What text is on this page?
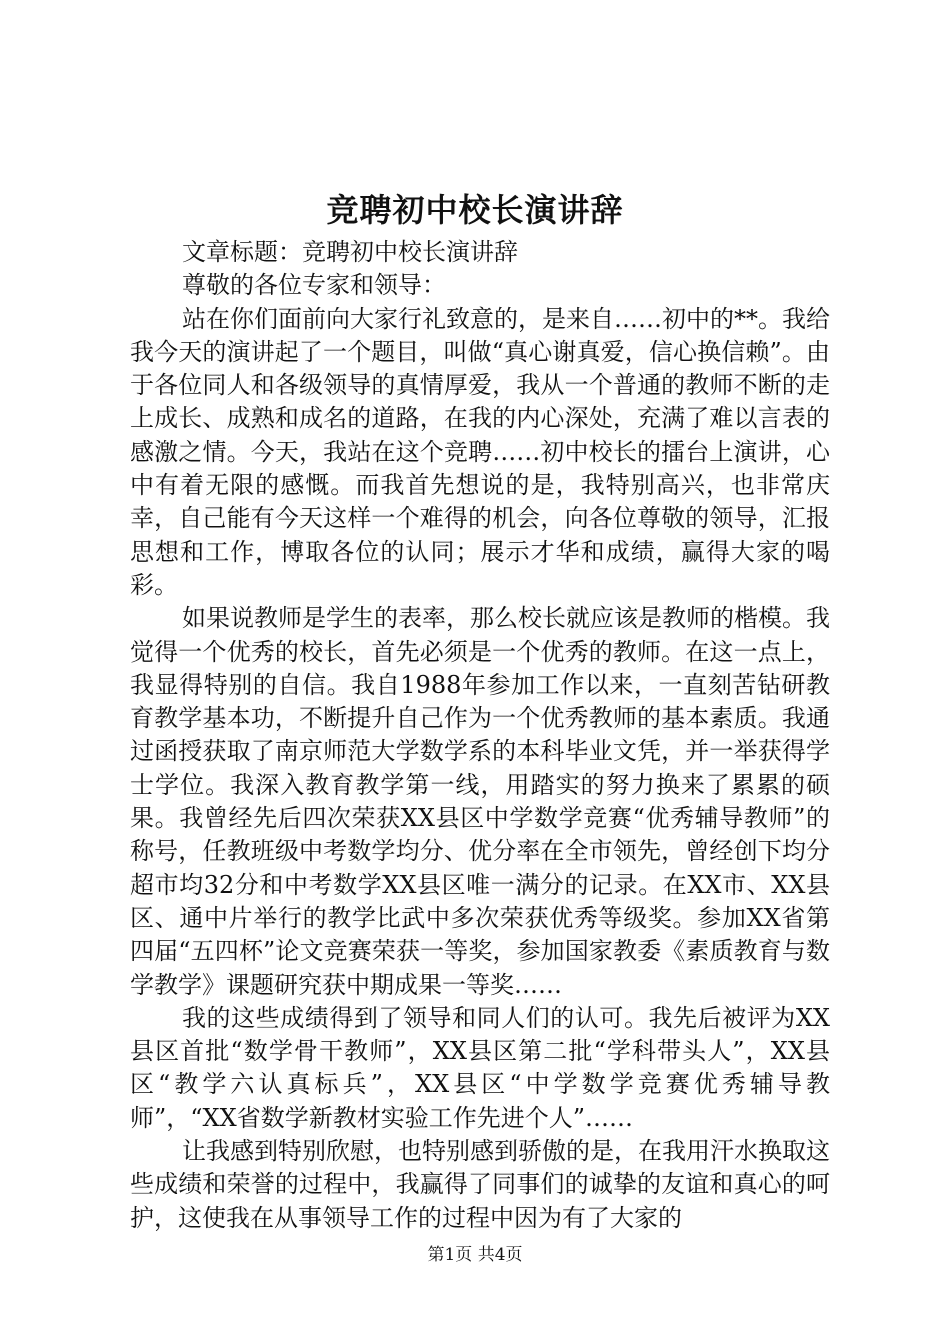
竞聘初中校长演讲辞

文章标题：竞聘初中校长演讲辞

尊敬的各位专家和领导：

站在你们面前向大家行礼致意的，是来自……初中的**。我给我今天的演讲起了一个题目，叫做“真心谢真爱，信心换信赖”。由于各位同人和各级领导的真情厚爱，我从一个普通的教师不断的走上成长、成熟和成名的道路，在我的内心深处，充满了难以言表的感激之情。今天，我站在这个竞聘……初中校长的擂台上演讲，心中有着无限的感慨。而我首先想说的是，我特别高兴，也非常庆幸，自己能有今天这样一个难得的机会，向各位尊敬的领导，汇报思想和工作，博取各位的认同；展示才华和成绩，赢得大家的喝彩。

如果说教师是学生的表率，那么校长就应该是教师的楷模。我觉得一个优秀的校长，首先必须是一个优秀的教师。在这一点上，我显得特别的自信。我自1988年参加工作以来，一直刻苦钻研教育教学基本功，不断提升自己作为一个优秀教师的基本素质。我通过函授获取了南京师范大学数学系的本科毕业文凭，并一举获得学士学位。我深入教育教学第一线，用踏实的努力换来了累累的硕果。我曾经先后四次荣获XX县区中学数学竞赛“优秀辅导教师”的称号，任教班级中考数学均分、优分率在全市领先，曾经创下均分超市均32分和中考数学XX县区唯一满分的记录。在XX市、XX县区、通中片举行的教学比武中多次荣获优秀等级奖。参加XX省第四届“五四杯”论文竞赛荣获一等奖，参加国家教委《素质教育与数学教学》课题研究获中期成果一等奖……

我的这些成绩得到了领导和同人们的认可。我先后被评为XX县区首批“数学骨干教师”，XX县区第二批“学科带头人”，XX县区“教学六认真标兵”，XX县区“中学数学竞赛优秀辅导教师”，“XX省数学新教材实验工作先进个人”……

让我感到特别欣慰，也特别感到骄傲的是，在我用汗水换取这些成绩和荣誉的过程中，我赢得了同事们的诚挚的友谊和真心的呵护，这使我在从事领导工作的过程中因为有了大家的

第1页 共4页
